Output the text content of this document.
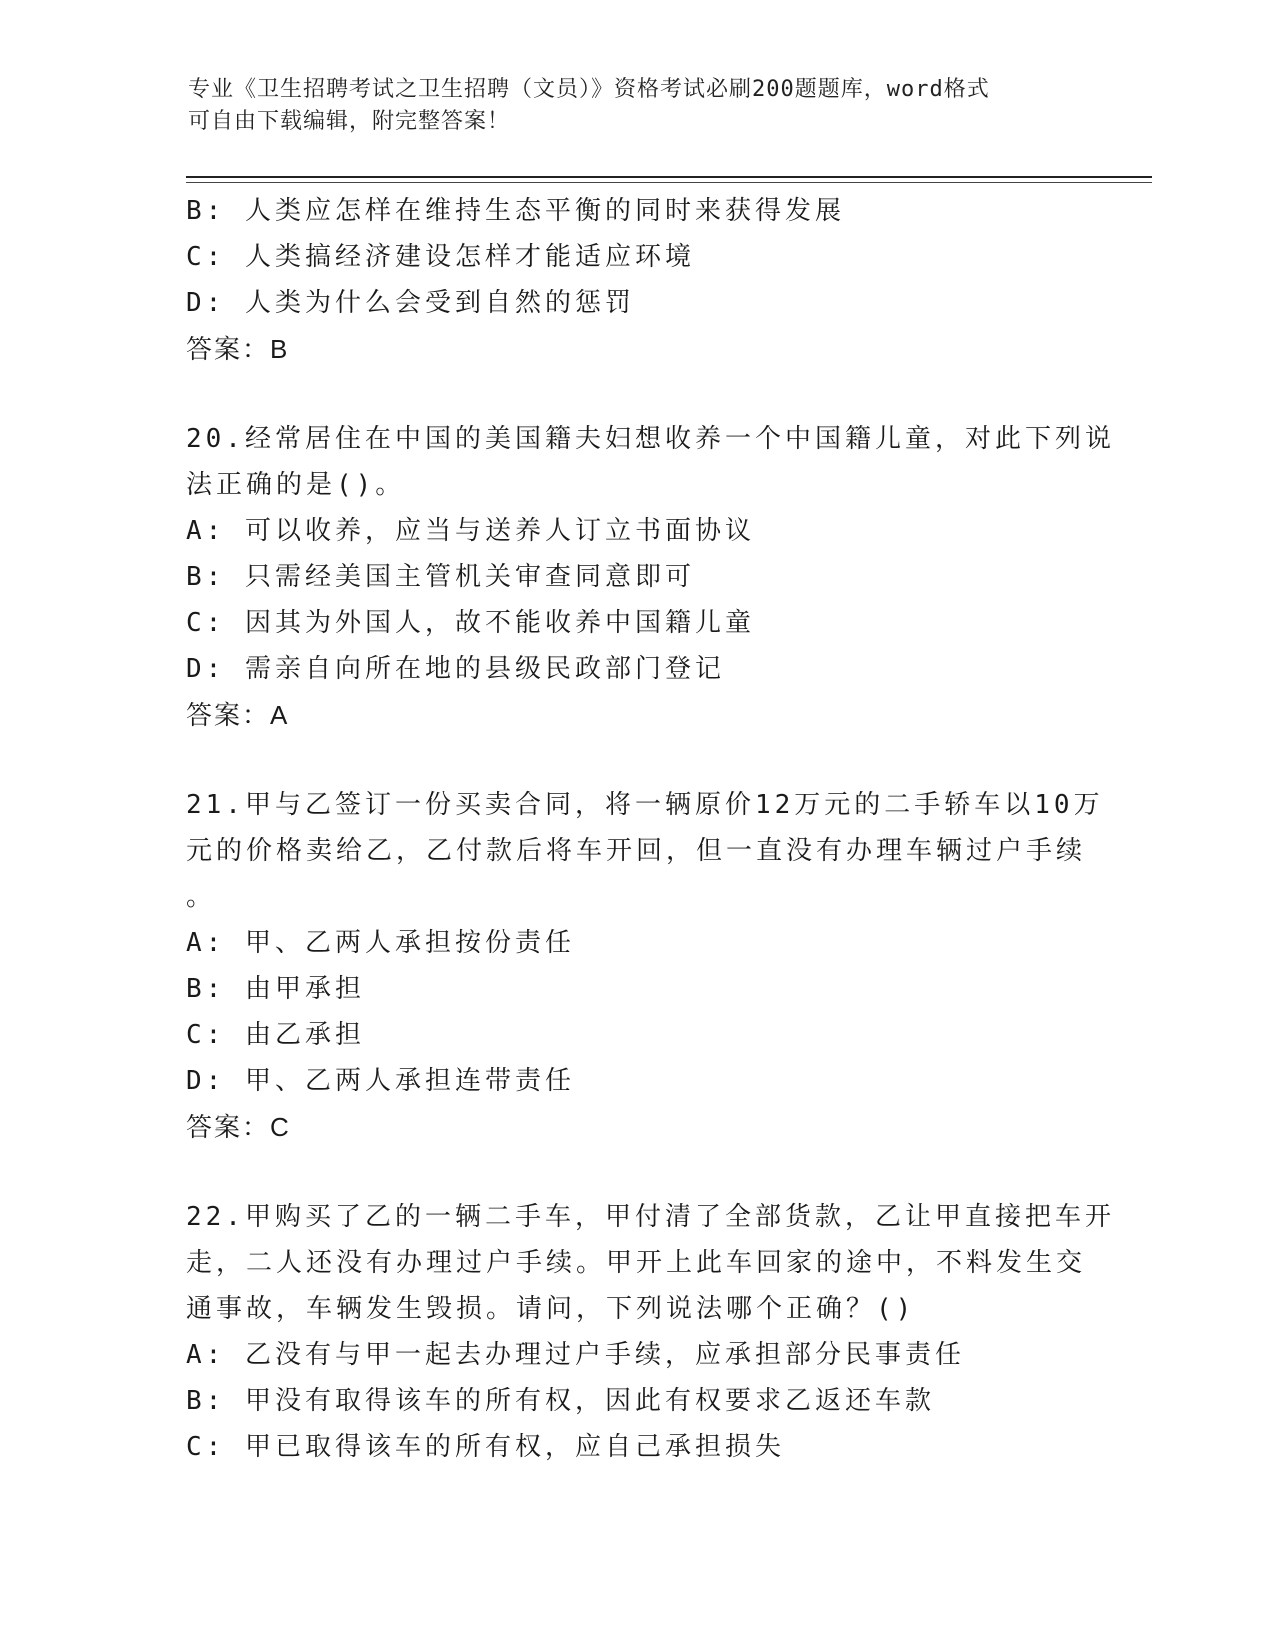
专业《卫生招聘考试之卫生招聘（文员）》资格考试必刷200题题库，word格式
可自由下载编辑，附完整答案！
B: 人类应怎样在维持生态平衡的同时来获得发展
C: 人类搞经济建设怎样才能适应环境
D: 人类为什么会受到自然的惩罚
答案：B
20.经常居住在中国的美国籍夫妇想收养一个中国籍儿童，对此下列说
法正确的是()。
A: 可以收养，应当与送养人订立书面协议
B: 只需经美国主管机关审查同意即可
C: 因其为外国人，故不能收养中国籍儿童
D: 需亲自向所在地的县级民政部门登记
答案：A
21.甲与乙签订一份买卖合同，将一辆原价12万元的二手轿车以10万
元的价格卖给乙，乙付款后将车开回，但一直没有办理车辆过户手续
。
A: 甲、乙两人承担按份责任
B: 由甲承担
C: 由乙承担
D: 甲、乙两人承担连带责任
答案：C
22.甲购买了乙的一辆二手车，甲付清了全部货款，乙让甲直接把车开
走，二人还没有办理过户手续。甲开上此车回家的途中，不料发生交
通事故，车辆发生毁损。请问，下列说法哪个正确？()
A: 乙没有与甲一起去办理过户手续，应承担部分民事责任
B: 甲没有取得该车的所有权，因此有权要求乙返还车款
C: 甲已取得该车的所有权，应自己承担损失
